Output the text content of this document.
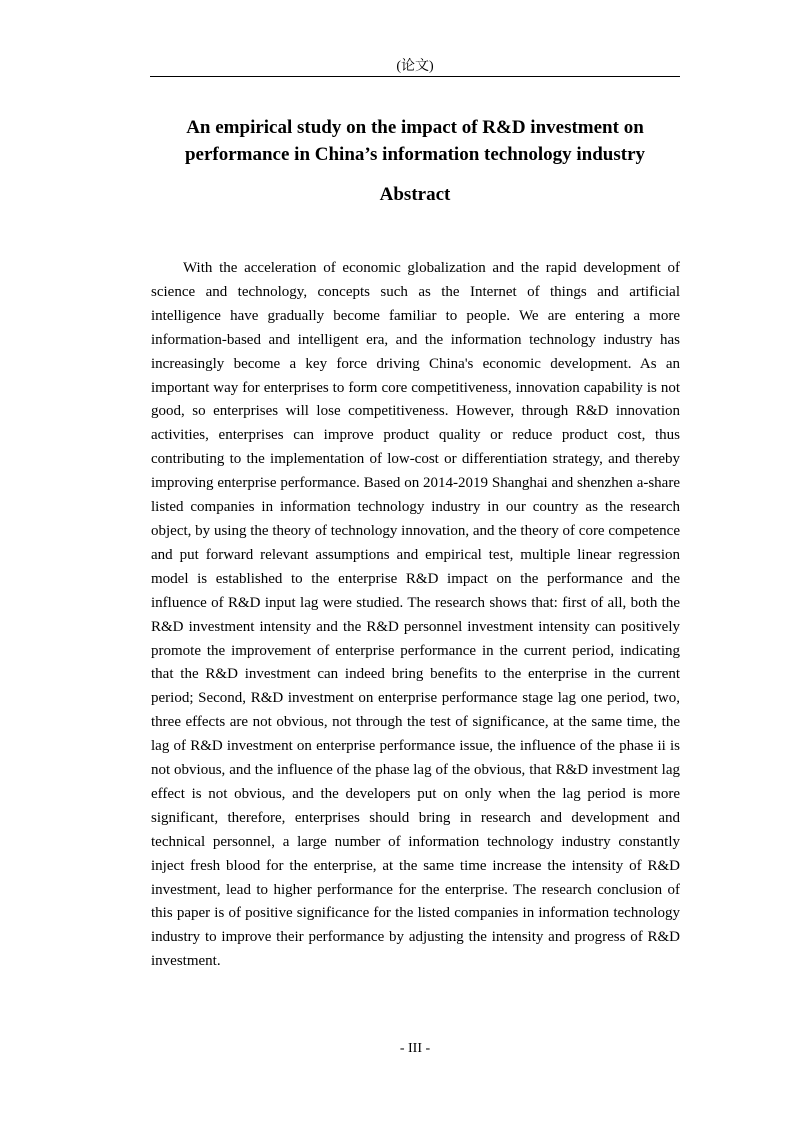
(论文)
An empirical study on the impact of R&D investment on
performance in China’s information technology industry
Abstract

With the acceleration of economic globalization and the rapid development of science and technology, concepts such as the Internet of things and artificial intelligence have gradually become familiar to people. We are entering a more information-based and intelligent era, and the information technology industry has increasingly become a key force driving China's economic development. As an important way for enterprises to form core competitiveness, innovation capability is not good, so enterprises will lose competitiveness. However, through R&D innovation activities, enterprises can improve product quality or reduce product cost, thus contributing to the implementation of low-cost or differentiation strategy, and thereby improving enterprise performance. Based on 2014-2019 Shanghai and shenzhen a-share listed companies in information technology industry in our country as the research object, by using the theory of technology innovation, and the theory of core competence and put forward relevant assumptions and empirical test, multiple linear regression model is established to the enterprise R&D impact on the performance and the influence of R&D input lag were studied. The research shows that: first of all, both the R&D investment intensity and the R&D personnel investment intensity can positively promote the improvement of enterprise performance in the current period, indicating that the R&D investment can indeed bring benefits to the enterprise in the current period; Second, R&D investment on enterprise performance stage lag one period, two, three effects are not obvious, not through the test of significance, at the same time, the lag of R&D investment on enterprise performance issue, the influence of the phase ii is not obvious, and the influence of the phase lag of the obvious, that R&D investment lag effect is not obvious, and the developers put on only when the lag period is more significant, therefore, enterprises should bring in research and development and technical personnel, a large number of information technology industry constantly inject fresh blood for the enterprise, at the same time increase the intensity of R&D investment, lead to higher performance for the enterprise. The research conclusion of this paper is of positive significance for the listed companies in information technology industry to improve their performance by adjusting the intensity and progress of R&D investment.

- III -
